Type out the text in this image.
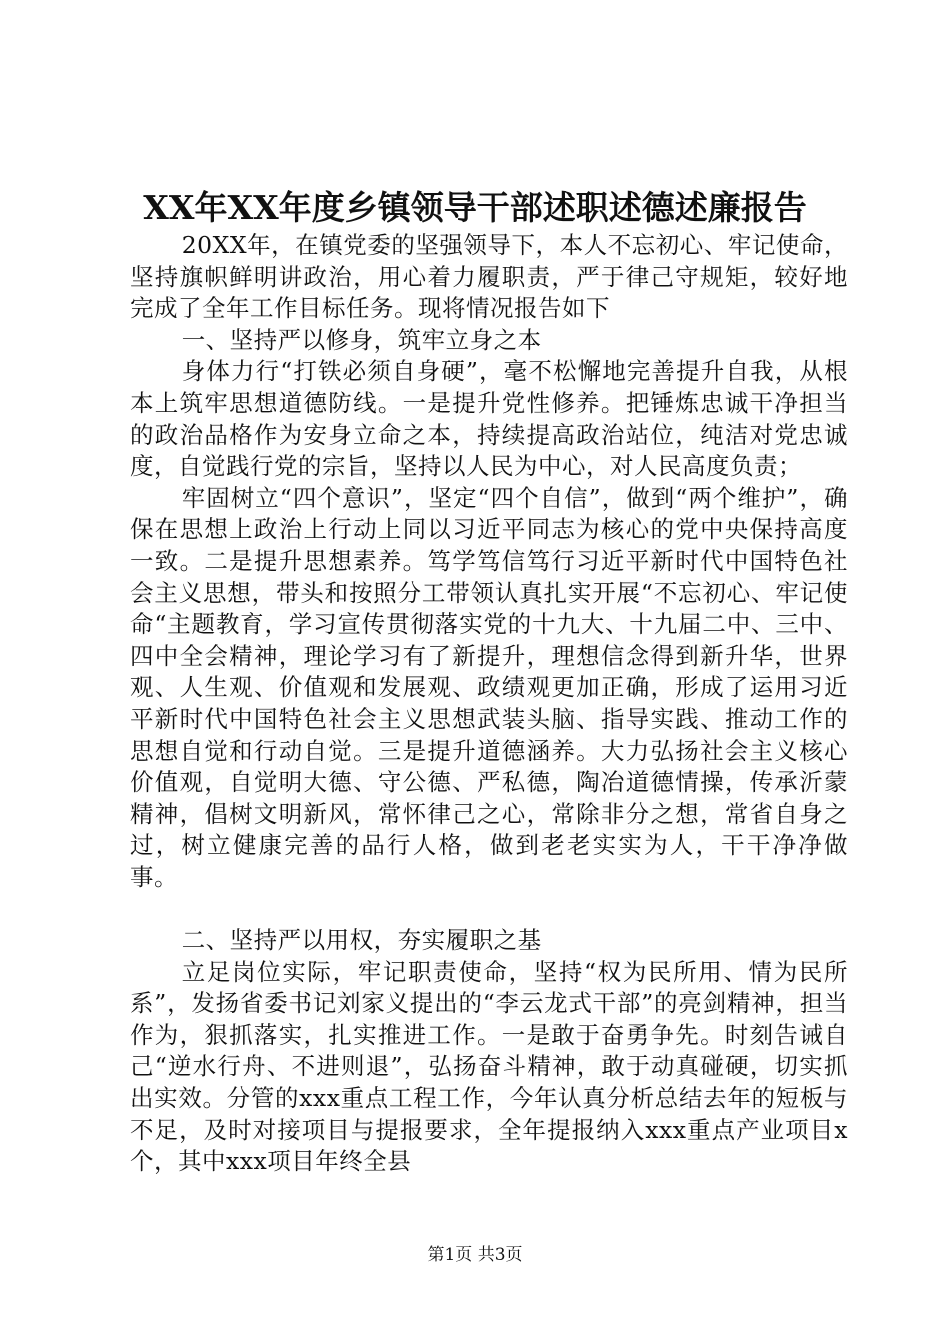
XX年XX年度乡镇领导干部述职述德述廉报告

20XX年，在镇党委的坚强领导下，本人不忘初心、牢记使命，坚持旗帜鲜明讲政治，用心着力履职责，严于律己守规矩，较好地完成了全年工作目标任务。现将情况报告如下

一、坚持严以修身，筑牢立身之本

身体力行“打铁必须自身硬”，毫不松懈地完善提升自我，从根本上筑牢思想道德防线。一是提升党性修养。把锤炼忠诚干净担当的政治品格作为安身立命之本，持续提高政治站位，纯洁对党忠诚度，自觉践行党的宗旨，坚持以人民为中心，对人民高度负责；

牢固树立“四个意识”，坚定“四个自信”，做到“两个维护”，确保在思想上政治上行动上同以习近平同志为核心的党中央保持高度一致。二是提升思想素养。笃学笃信笃行习近平新时代中国特色社会主义思想，带头和按照分工带领认真扎实开展“不忘初心、牢记使命“主题教育，学习宣传贯彻落实党的十九大、十九届二中、三中、四中全会精神，理论学习有了新提升，理想信念得到新升华，世界观、人生观、价值观和发展观、政绩观更加正确，形成了运用习近平新时代中国特色社会主义思想武装头脑、指导实践、推动工作的思想自觉和行动自觉。三是提升道德涵养。大力弘扬社会主义核心价值观，自觉明大德、守公德、严私德，陶冶道德情操，传承沂蒙精神，倡树文明新风，常怀律己之心，常除非分之想，常省自身之过，树立健康完善的品行人格，做到老老实实为人，干干净净做事。

二、坚持严以用权，夯实履职之基

立足岗位实际，牢记职责使命，坚持“权为民所用、情为民所系”，发扬省委书记刘家义提出的“李云龙式干部”的亮剑精神，担当作为，狠抓落实，扎实推进工作。一是敢于奋勇争先。时刻告诫自己“逆水行舟、不进则退”，弘扬奋斗精神，敢于动真碰硬，切实抓出实效。分管的xxx重点工程工作，今年认真分析总结去年的短板与不足，及时对接项目与提报要求，全年提报纳入xxx重点产业项目x个，其中xxx项目年终全县

第1页 共3页
